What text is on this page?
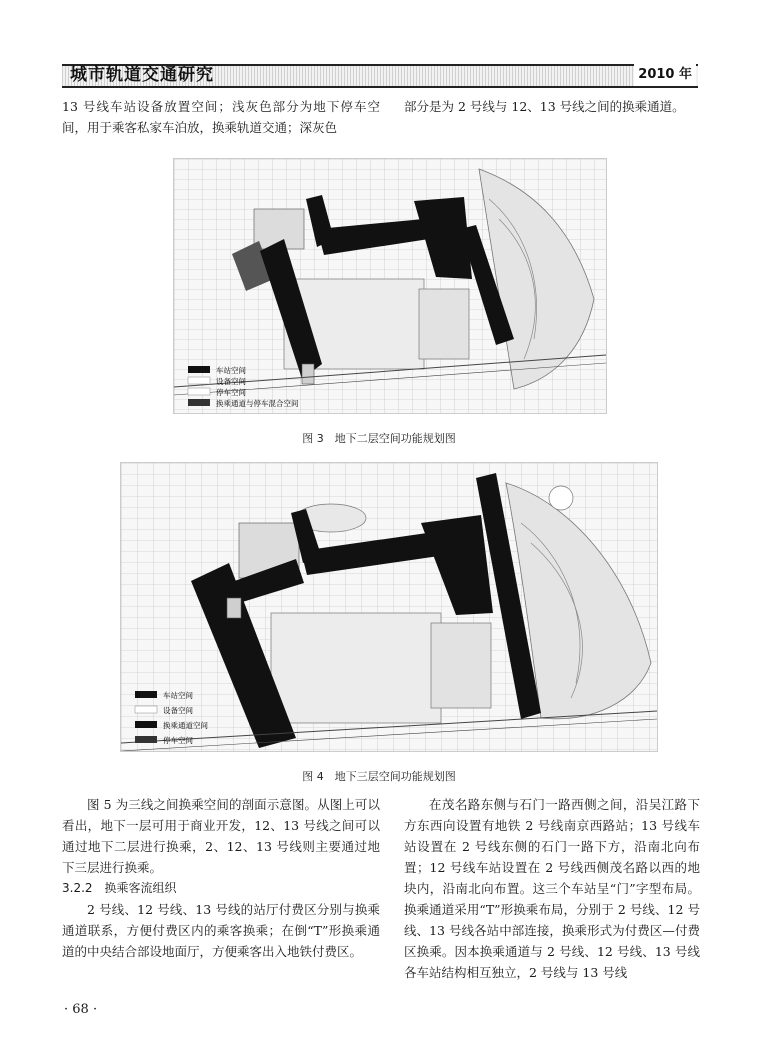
城市轨道交通研究	2010 年

13 号线车站设备放置空间；浅灰色部分为地下停车空间，用于乘客私家车泊放，换乘轨道交通；深灰色

部分是为 2 号线与 12、13 号线之间的换乘通道。

车站空间
设备空间
停车空间
换乘通道与停车混合空间
图 3　地下二层空间功能规划图
车站空间
设备空间
换乘通道空间
停车空间
图 4　地下三层空间功能规划图

图 5 为三线之间换乘空间的剖面示意图。从图上可以看出，地下一层可用于商业开发，12、13 号线之间可以通过地下二层进行换乘，2、12、13 号线则主要通过地下三层进行换乘。

3.2.2　换乘客流组织

2 号线、12 号线、13 号线的站厅付费区分别与换乘通道联系，方便付费区内的乘客换乘；在倒“T”形换乘通道的中央结合部设地面厅，方便乘客出入地铁付费区。

在茂名路东侧与石门一路西侧之间，沿吴江路下方东西向设置有地铁 2 号线南京西路站；13 号线车站设置在 2 号线东侧的石门一路下方，沿南北向布置；12 号线车站设置在 2 号线西侧茂名路以西的地块内，沿南北向布置。这三个车站呈“门”字型布局。换乘通道采用“T”形换乘布局，分别于 2 号线、12 号线、13 号线各站中部连接，换乘形式为付费区—付费区换乘。因本换乘通道与 2 号线、12 号线、13 号线各车站结构相互独立，2 号线与 13 号线

· 68 ·
